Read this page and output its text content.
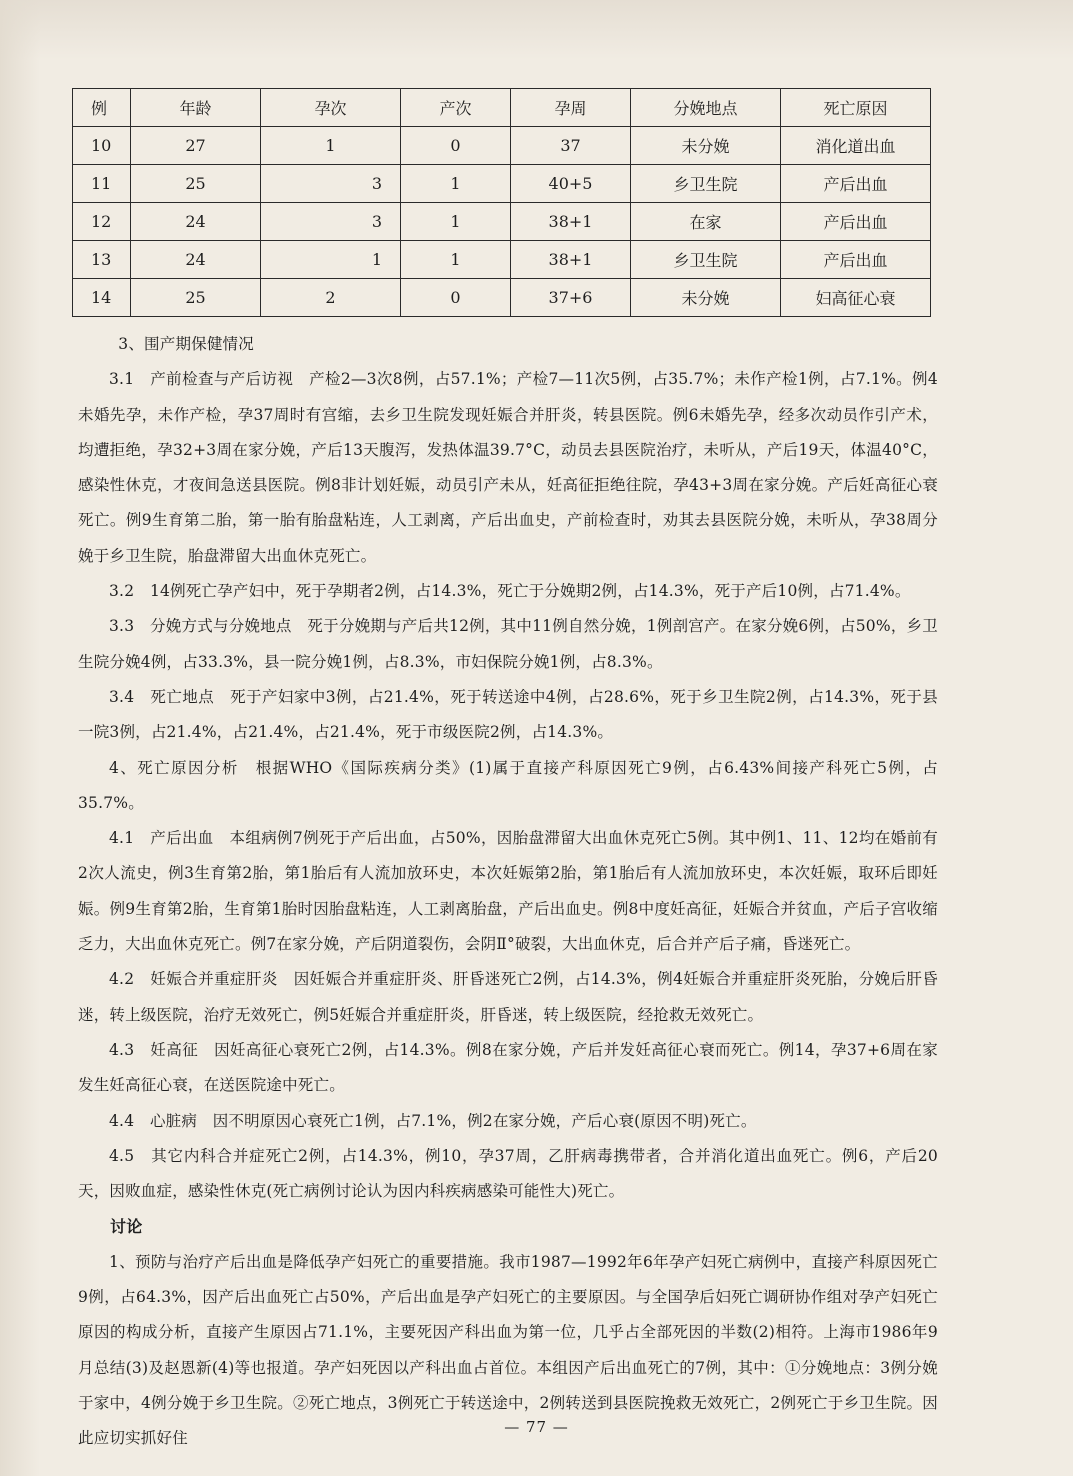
例	年龄	孕次	产次	孕周	分娩地点	死亡原因
10	27	1	0	37	未分娩	消化道出血
11	25	3	1	40+5	乡卫生院	产后出血
12	24	3	1	38+1	在家	产后出血
13	24	1	1	38+1	乡卫生院	产后出血
14	25	2	0	37+6	未分娩	妇高征心衰

3、围产期保健情况

3.1　产前检查与产后访视　产检2—3次8例，占57.1%；产检7—11次5例，占35.7%；未作产检1例，占7.1%。例4未婚先孕，未作产检，孕37周时有宫缩，去乡卫生院发现妊娠合并肝炎，转县医院。例6未婚先孕，经多次动员作引产术，均遭拒绝，孕32+3周在家分娩，产后13天腹泻，发热体温39.7°C，动员去县医院治疗，未听从，产后19天，体温40°C，感染性休克，才夜间急送县医院。例8非计划妊娠，动员引产未从，妊高征拒绝往院，孕43+3周在家分娩。产后妊高征心衰死亡。例9生育第二胎，第一胎有胎盘粘连，人工剥离，产后出血史，产前检查时，劝其去县医院分娩，未听从，孕38周分娩于乡卫生院，胎盘滞留大出血休克死亡。

3.2　14例死亡孕产妇中，死于孕期者2例，占14.3%，死亡于分娩期2例，占14.3%，死于产后10例，占71.4%。

3.3　分娩方式与分娩地点　死于分娩期与产后共12例，其中11例自然分娩，1例剖宫产。在家分娩6例，占50%，乡卫生院分娩4例，占33.3%，县一院分娩1例，占8.3%，市妇保院分娩1例，占8.3%。

3.4　死亡地点　死于产妇家中3例，占21.4%，死于转送途中4例，占28.6%，死于乡卫生院2例，占14.3%，死于县一院3例，占21.4%，占21.4%，占21.4%，死于市级医院2例，占14.3%。

4、死亡原因分析　根据WHO《国际疾病分类》(1)属于直接产科原因死亡9例，占6.43%间接产科死亡5例，占35.7%。

4.1　产后出血　本组病例7例死于产后出血，占50%，因胎盘滞留大出血休克死亡5例。其中例1、11、12均在婚前有2次人流史，例3生育第2胎，第1胎后有人流加放环史，本次妊娠第2胎，第1胎后有人流加放环史，本次妊娠，取环后即妊娠。例9生育第2胎，生育第1胎时因胎盘粘连，人工剥离胎盘，产后出血史。例8中度妊高征，妊娠合并贫血，产后子宫收缩乏力，大出血休克死亡。例7在家分娩，产后阴道裂伤，会阴Ⅱ°破裂，大出血休克，后合并产后子痛，昏迷死亡。

4.2　妊娠合并重症肝炎　因妊娠合并重症肝炎、肝昏迷死亡2例，占14.3%，例4妊娠合并重症肝炎死胎，分娩后肝昏迷，转上级医院，治疗无效死亡，例5妊娠合并重症肝炎，肝昏迷，转上级医院，经抢救无效死亡。

4.3　妊高征　因妊高征心衰死亡2例，占14.3%。例8在家分娩，产后并发妊高征心衰而死亡。例14，孕37+6周在家发生妊高征心衰，在送医院途中死亡。

4.4　心脏病　因不明原因心衰死亡1例，占7.1%，例2在家分娩，产后心衰(原因不明)死亡。

4.5　其它内科合并症死亡2例，占14.3%，例10，孕37周，乙肝病毒携带者，合并消化道出血死亡。例6，产后20天，因败血症，感染性休克(死亡病例讨论认为因内科疾病感染可能性大)死亡。

讨论

1、预防与治疗产后出血是降低孕产妇死亡的重要措施。我市1987—1992年6年孕产妇死亡病例中，直接产科原因死亡9例，占64.3%，因产后出血死亡占50%，产后出血是孕产妇死亡的主要原因。与全国孕后妇死亡调研协作组对孕产妇死亡原因的构成分析，直接产生原因占71.1%，主要死因产科出血为第一位，几乎占全部死因的半数(2)相符。上海市1986年9月总结(3)及赵恩新(4)等也报道。孕产妇死因以产科出血占首位。本组因产后出血死亡的7例，其中：①分娩地点：3例分娩于家中，4例分娩于乡卫生院。②死亡地点，3例死亡于转送途中，2例转送到县医院挽救无效死亡，2例死亡于乡卫生院。因此应切实抓好住

— 77 —
